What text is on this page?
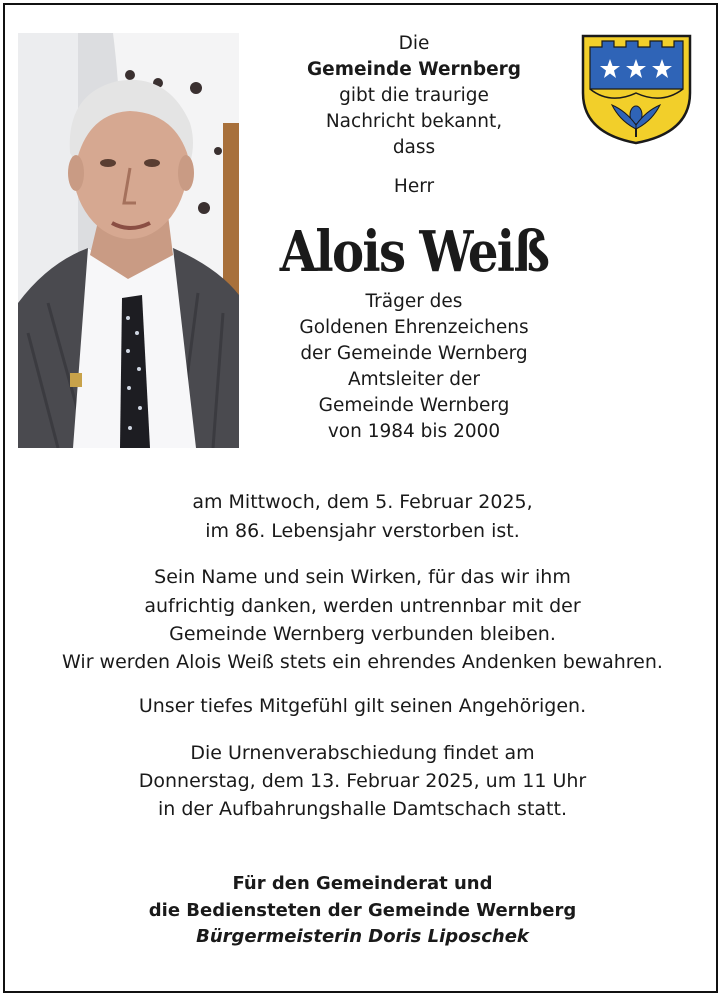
Die
Gemeinde Wernberg
gibt die traurige
Nachricht bekannt,
dass
Herr
Alois Weiß
Träger des
Goldenen Ehrenzeichens
der Gemeinde Wernberg
Amtsleiter der
Gemeinde Wernberg
von 1984 bis 2000
am Mittwoch, dem 5. Februar 2025,
im 86. Lebensjahr verstorben ist.
Sein Name und sein Wirken, für das wir ihm
aufrichtig danken, werden untrennbar mit der
Gemeinde Wernberg verbunden bleiben.
Wir werden Alois Weiß stets ein ehrendes Andenken bewahren.
Unser tiefes Mitgefühl gilt seinen Angehörigen.
Die Urnenverabschiedung findet am
Donnerstag, dem 13. Februar 2025, um 11 Uhr
in der Aufbahrungshalle Damtschach statt.
Für den Gemeinderat und
die Bediensteten der Gemeinde Wernberg
Bürgermeisterin Doris Liposchek
